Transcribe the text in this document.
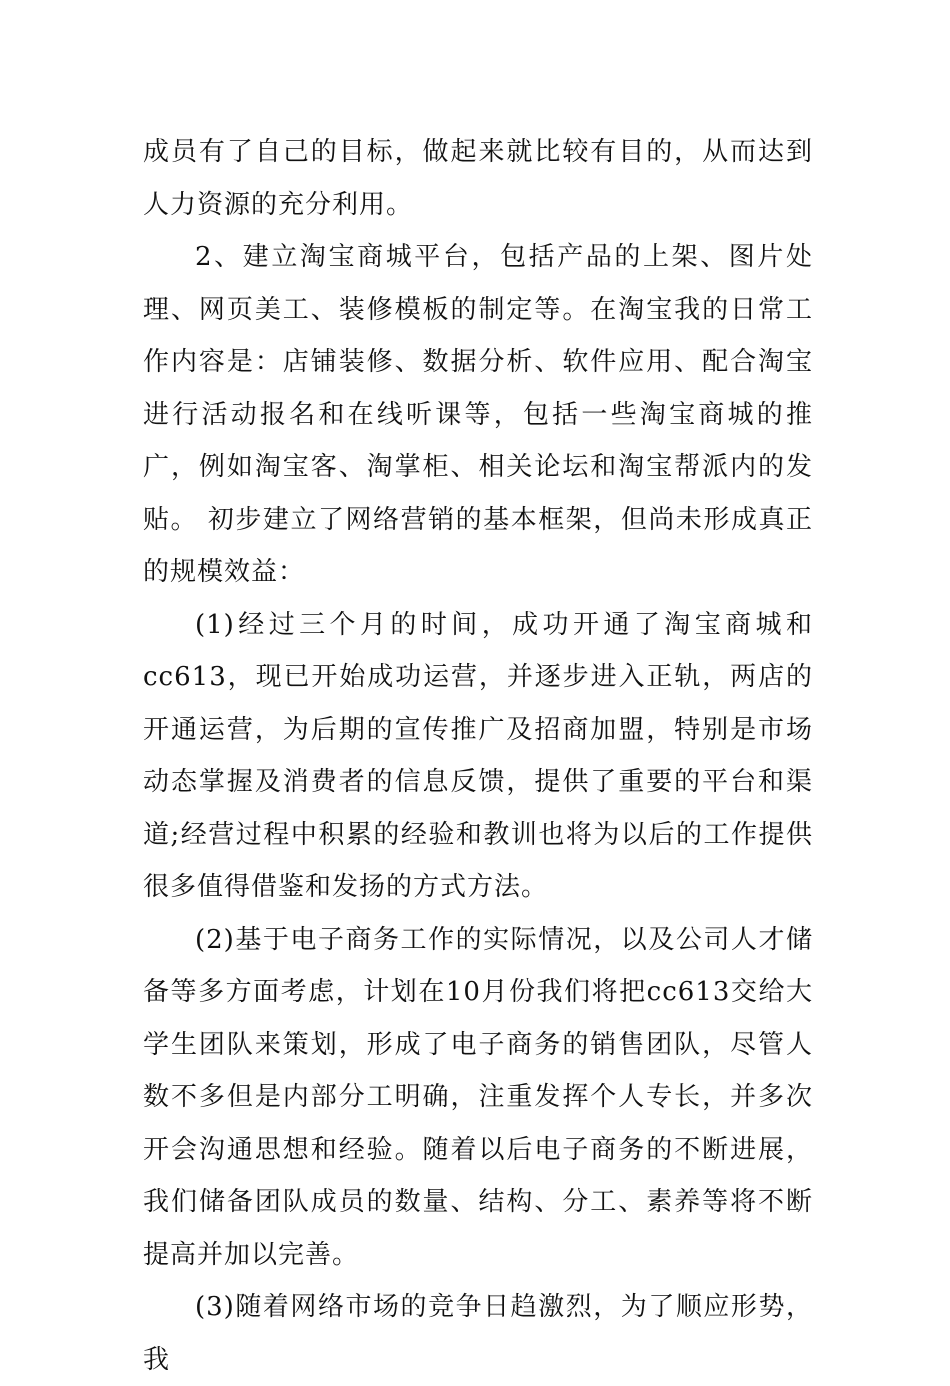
成员有了自己的目标，做起来就比较有目的，从而达到人力资源的充分利用。

2、建立淘宝商城平台，包括产品的上架、图片处理、网页美工、装修模板的制定等。在淘宝我的日常工作内容是：店铺装修、数据分析、软件应用、配合淘宝进行活动报名和在线听课等，包括一些淘宝商城的推广，例如淘宝客、淘掌柜、相关论坛和淘宝帮派内的发贴。 初步建立了网络营销的基本框架，但尚未形成真正的规模效益：

(1)经过三个月的时间，成功开通了淘宝商城和cc613，现已开始成功运营，并逐步进入正轨，两店的开通运营，为后期的宣传推广及招商加盟，特别是市场动态掌握及消费者的信息反馈，提供了重要的平台和渠道;经营过程中积累的经验和教训也将为以后的工作提供很多值得借鉴和发扬的方式方法。

(2)基于电子商务工作的实际情况，以及公司人才储备等多方面考虑，计划在10月份我们将把cc613交给大学生团队来策划，形成了电子商务的销售团队，尽管人数不多但是内部分工明确，注重发挥个人专长，并多次开会沟通思想和经验。随着以后电子商务的不断进展，我们储备团队成员的数量、结构、分工、素养等将不断提高并加以完善。

(3)随着网络市场的竞争日趋激烈，为了顺应形势，我
